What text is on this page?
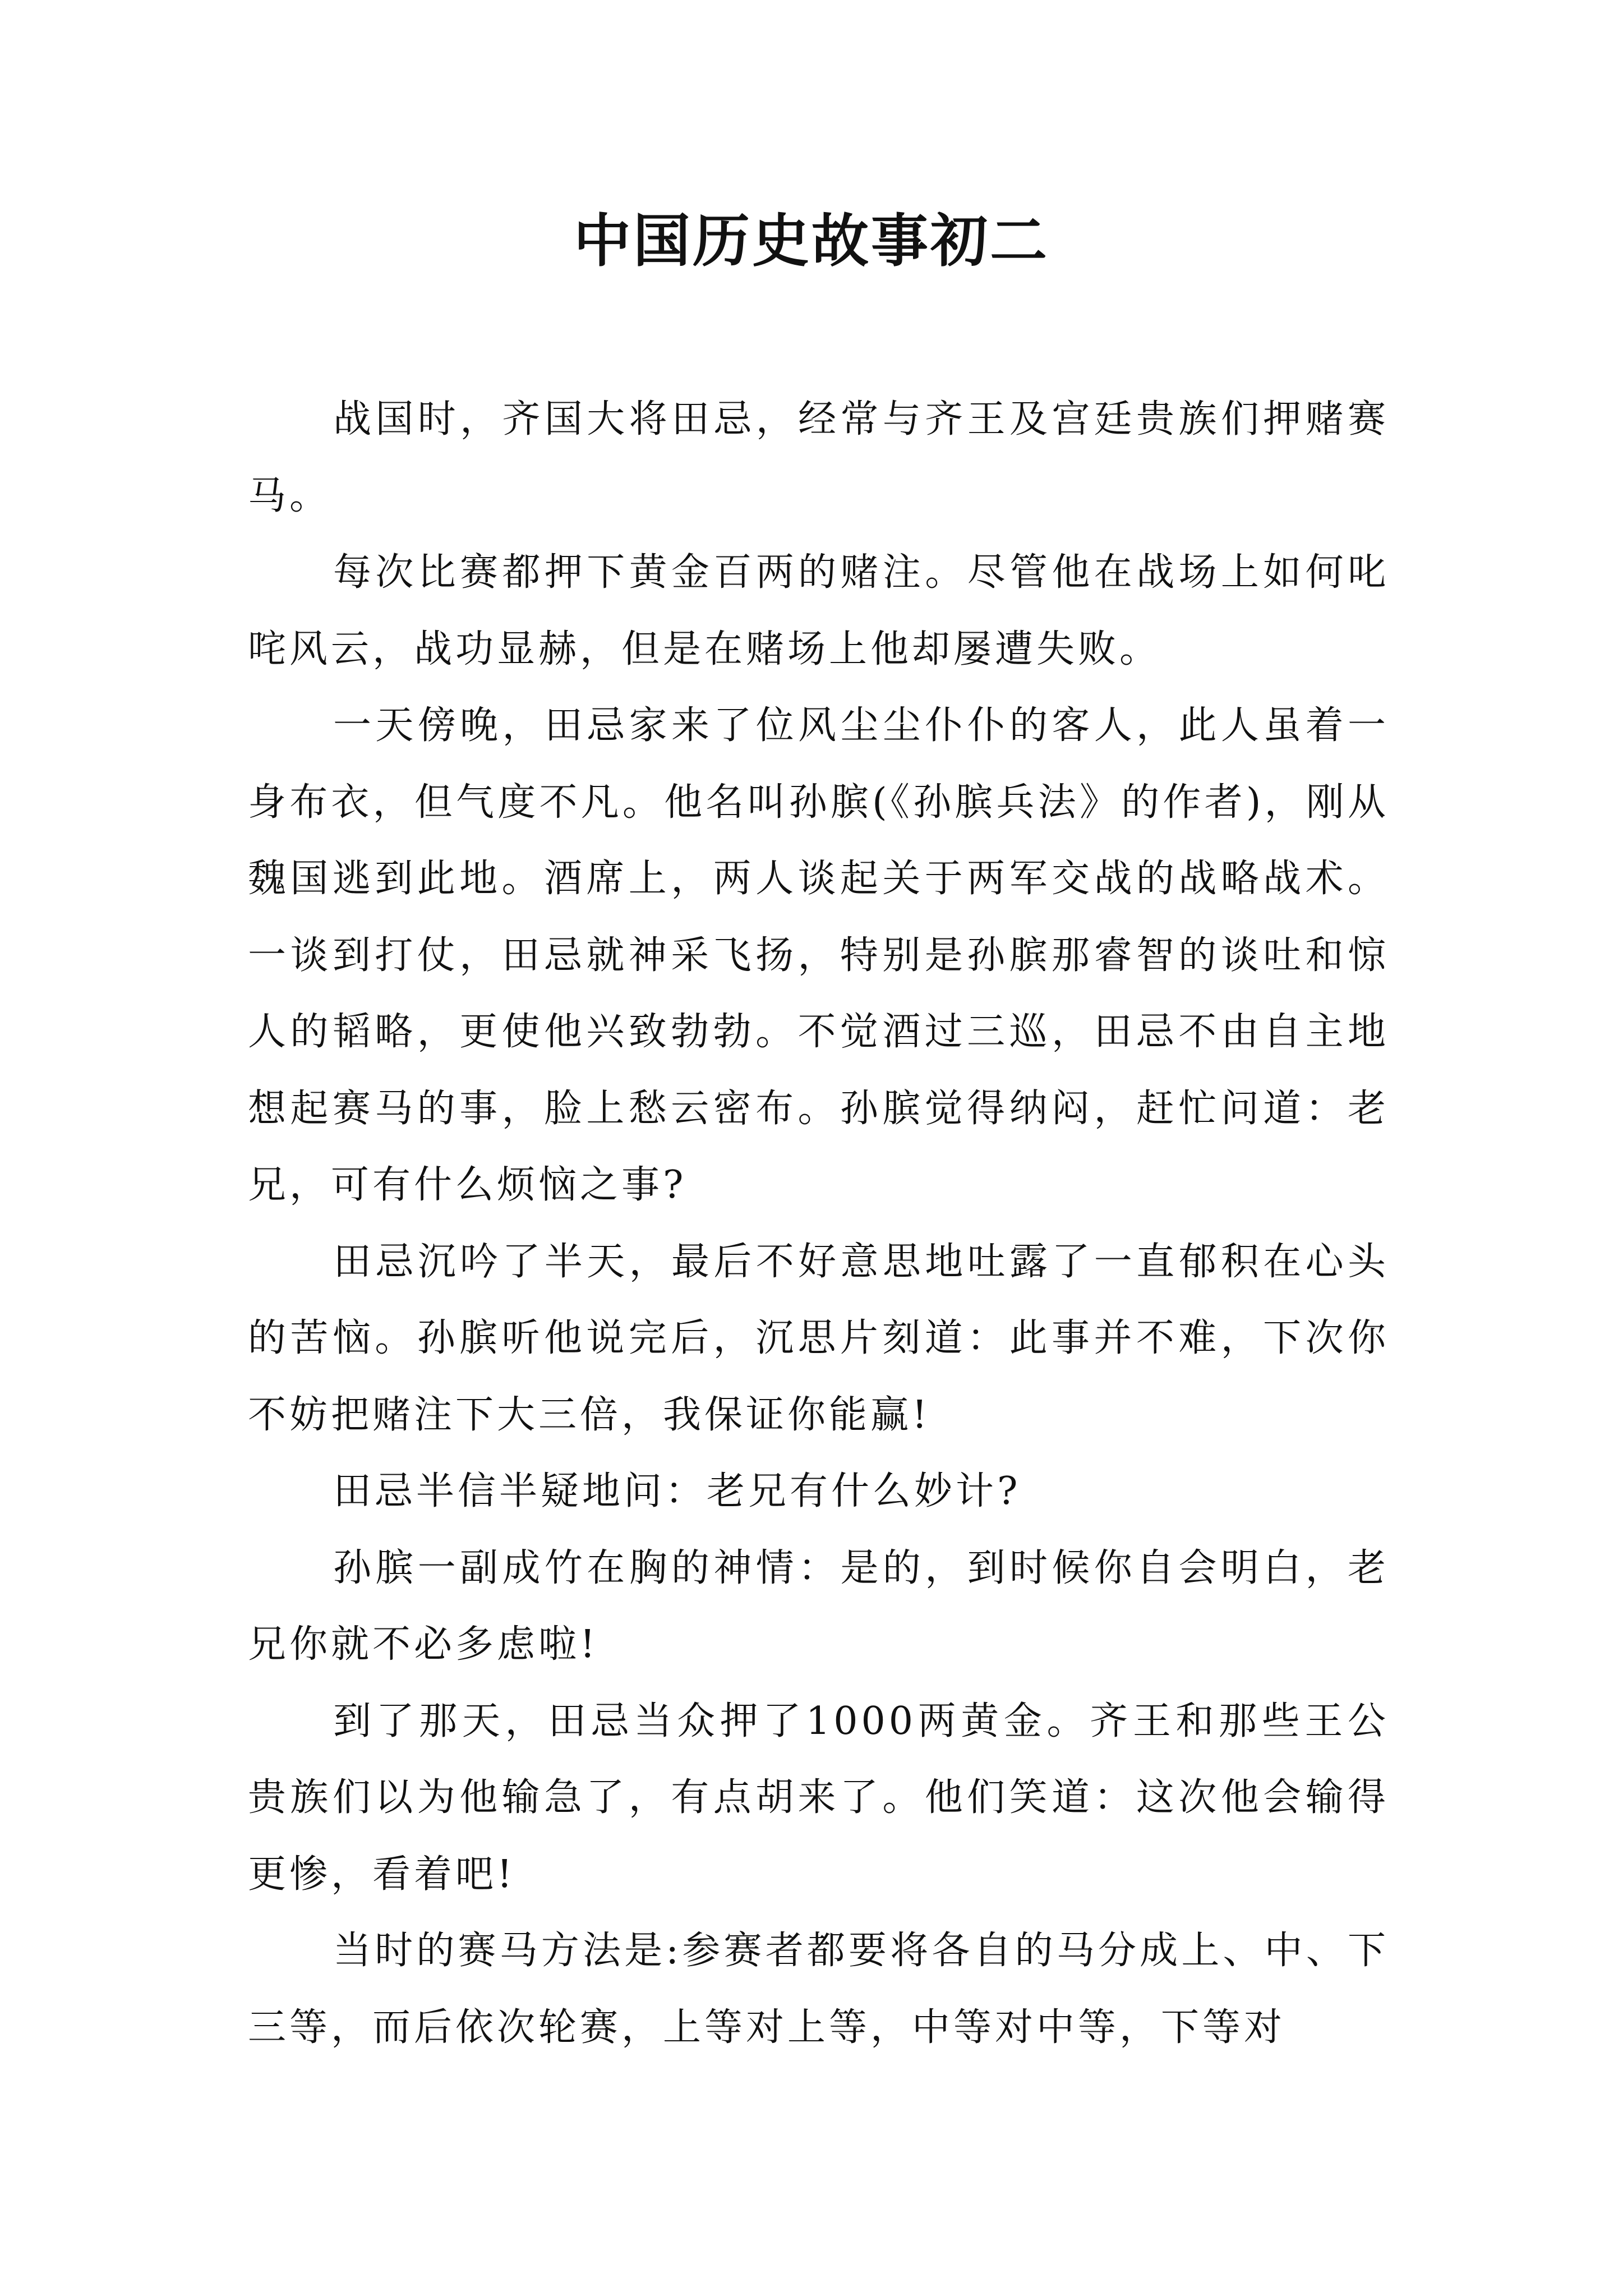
中国历史故事初二

战国时，齐国大将田忌，经常与齐王及宫廷贵族们押赌赛马。

每次比赛都押下黄金百两的赌注。尽管他在战场上如何叱咤风云，战功显赫，但是在赌场上他却屡遭失败。

一天傍晚，田忌家来了位风尘尘仆仆的客人，此人虽着一身布衣，但气度不凡。他名叫孙膑(《孙膑兵法》的作者)，刚从魏国逃到此地。酒席上，两人谈起关于两军交战的战略战术。一谈到打仗，田忌就神采飞扬，特别是孙膑那睿智的谈吐和惊人的韬略，更使他兴致勃勃。不觉酒过三巡，田忌不由自主地想起赛马的事，脸上愁云密布。孙膑觉得纳闷，赶忙问道：老兄，可有什么烦恼之事?

田忌沉吟了半天，最后不好意思地吐露了一直郁积在心头的苦恼。孙膑听他说完后，沉思片刻道：此事并不难，下次你不妨把赌注下大三倍，我保证你能赢!

田忌半信半疑地问：老兄有什么妙计?

孙膑一副成竹在胸的神情：是的，到时候你自会明白，老兄你就不必多虑啦!

到了那天，田忌当众押了1000两黄金。齐王和那些王公贵族们以为他输急了，有点胡来了。他们笑道：这次他会输得更惨，看着吧!

当时的赛马方法是:参赛者都要将各自的马分成上、中、下三等，而后依次轮赛，上等对上等，中等对中等，下等对
